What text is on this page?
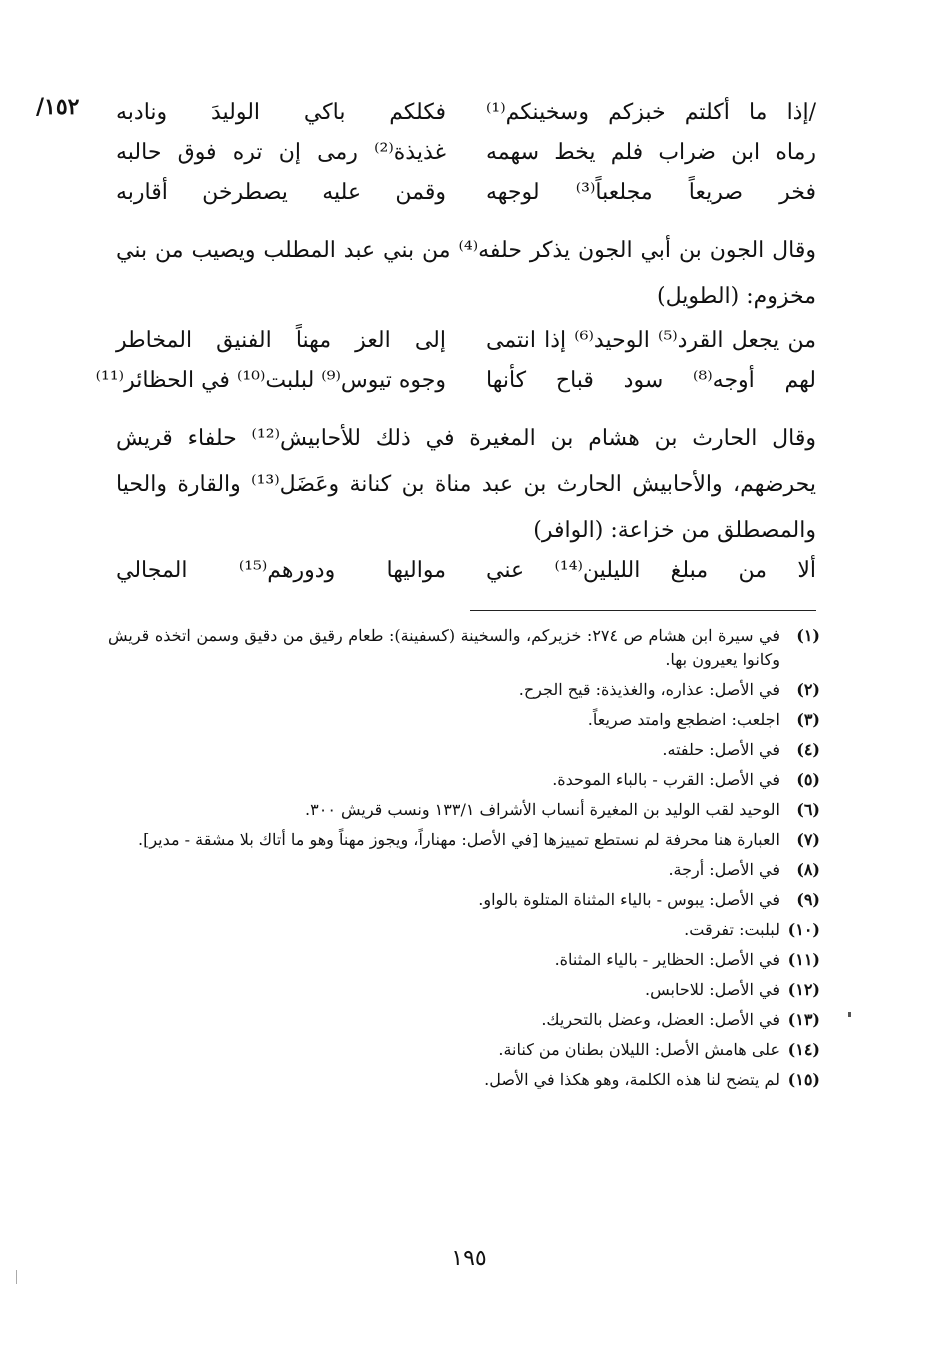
١٥٢/	/إذا ما أكلتم خبزكم وسخينكم⁽¹⁾
فكلكم باكي الوليدَ ونادبه
رماه ابن ضراب فلم يخط سهمه
غذيذة⁽²⁾ رمى إن تره فوق حالبه
فخر صريعاً مجلعباً⁽³⁾ لوجهه
وقمن عليه يصطرخن أقاربه
وقال الجون بن أبي الجون يذكر حلفه⁽⁴⁾ من بني عبد المطلب ويصيب من بني مخزوم: (الطويل)
من يجعل القرد⁽⁵⁾ الوحيد⁽⁶⁾ إذا انتمى
إلى العز مهناً الفنيق المخاطر
لهم أوجه⁽⁸⁾ سود قباح كأنها
وجوه تيوس⁽⁹⁾ لبلبت⁽¹⁰⁾ في الحظائر⁽¹¹⁾
وقال الحارث بن هشام بن المغيرة في ذلك للأحابيش⁽¹²⁾ حلفاء قريش يحرضهم، والأحابيش الحارث بن عبد مناة بن كنانة وعَضَل⁽¹³⁾ والقارة والحيا والمصطلق من خزاعة: (الوافر)
ألا من مبلغ الليلين⁽¹⁴⁾ عني
مواليها ودورهم⁽¹⁵⁾ المجالي
(١)
في سيرة ابن هشام ص ٢٧٤: خزيركم، والسخينة (كسفينة): طعام رقيق من دقيق وسمن اتخذه قريش وكانوا يعيرون بها.
(٢)
في الأصل: عذاره، والغذيذة: قيح الجرح.
(٣)
اجلعب: اضطجع وامتد صريعاً.
(٤)
في الأصل: حلفته.
(٥)
في الأصل: القرب - بالباء الموحدة.
(٦)
الوحيد لقب الوليد بن المغيرة أنساب الأشراف ١٣٣/١ ونسب قريش ٣٠٠.
(٧)
العبارة هنا محرفة لم نستطع تمييزها [في الأصل: مهناراً، ويجوز مهناً وهو ما أتاك بلا مشقة - مدير].
(٨)
في الأصل: أرجة.
(٩)
في الأصل: يبوس - بالياء المثناة المتلوة بالواو.
(١٠)
لبلبت: تفرقت.
(١١)
في الأصل: الحظاير - بالياء المثناة.
(١٢)
في الأصل: للاحابس.
(١٣)
في الأصل: العضل، وعضل بالتحريك.
(١٤)
على هامش الأصل: الليلان بطنان من كنانة.
(١٥)
لم يتضح لنا هذه الكلمة، وهو هكذا في الأصل.
١٩٥
